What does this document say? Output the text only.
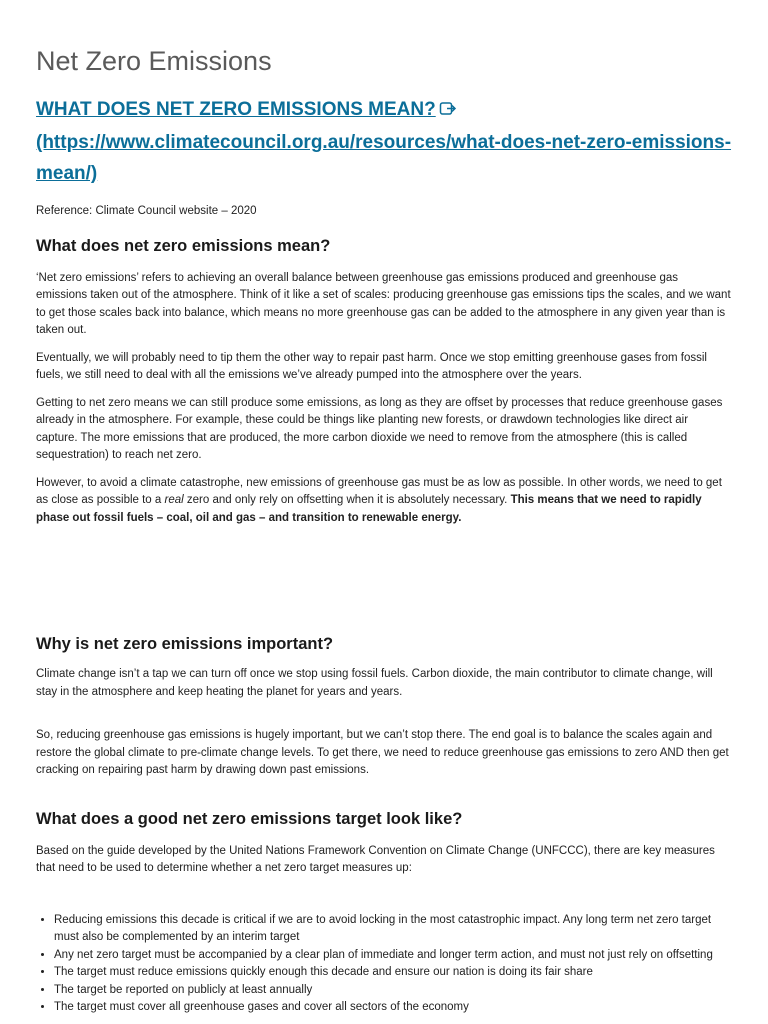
Net Zero Emissions
WHAT DOES NET ZERO EMISSIONS MEAN?
(https://www.climatecouncil.org.au/resources/what-does-net-zero-emissions-mean/)

Reference: Climate Council website – 2020

What does net zero emissions mean?

‘Net zero emissions’ refers to achieving an overall balance between greenhouse gas emissions produced and greenhouse gas emissions taken out of the atmosphere. Think of it like a set of scales: producing greenhouse gas emissions tips the scales, and we want to get those scales back into balance, which means no more greenhouse gas can be added to the atmosphere in any given year than is taken out.

Eventually, we will probably need to tip them the other way to repair past harm. Once we stop emitting greenhouse gases from fossil fuels, we still need to deal with all the emissions we’ve already pumped into the atmosphere over the years.

Getting to net zero means we can still produce some emissions, as long as they are offset by processes that reduce greenhouse gases already in the atmosphere. For example, these could be things like planting new forests, or drawdown technologies like direct air capture. The more emissions that are produced, the more carbon dioxide we need to remove from the atmosphere (this is called sequestration) to reach net zero.

However, to avoid a climate catastrophe, new emissions of greenhouse gas must be as low as possible. In other words, we need to get as close as possible to a real zero and only rely on offsetting when it is absolutely necessary. This means that we need to rapidly phase out fossil fuels – coal, oil and gas – and transition to renewable energy.

Why is net zero emissions important?

Climate change isn’t a tap we can turn off once we stop using fossil fuels. Carbon dioxide, the main contributor to climate change, will stay in the atmosphere and keep heating the planet for years and years.

So, reducing greenhouse gas emissions is hugely important, but we can’t stop there. The end goal is to balance the scales again and restore the global climate to pre-climate change levels. To get there, we need to reduce greenhouse gas emissions to zero AND then get cracking on repairing past harm by drawing down past emissions.

What does a good net zero emissions target look like?

Based on the guide developed by the United Nations Framework Convention on Climate Change (UNFCCC), there are key measures that need to be used to determine whether a net zero target measures up:

• Reducing emissions this decade is critical if we are to avoid locking in the most catastrophic impact. Any long term net zero target must also be complemented by an interim target
• Any net zero target must be accompanied by a clear plan of immediate and longer term action, and must not just rely on offsetting
• The target must reduce emissions quickly enough this decade and ensure our nation is doing its fair share
• The target be reported on publicly at least annually
• The target must cover all greenhouse gases and cover all sectors of the economy
